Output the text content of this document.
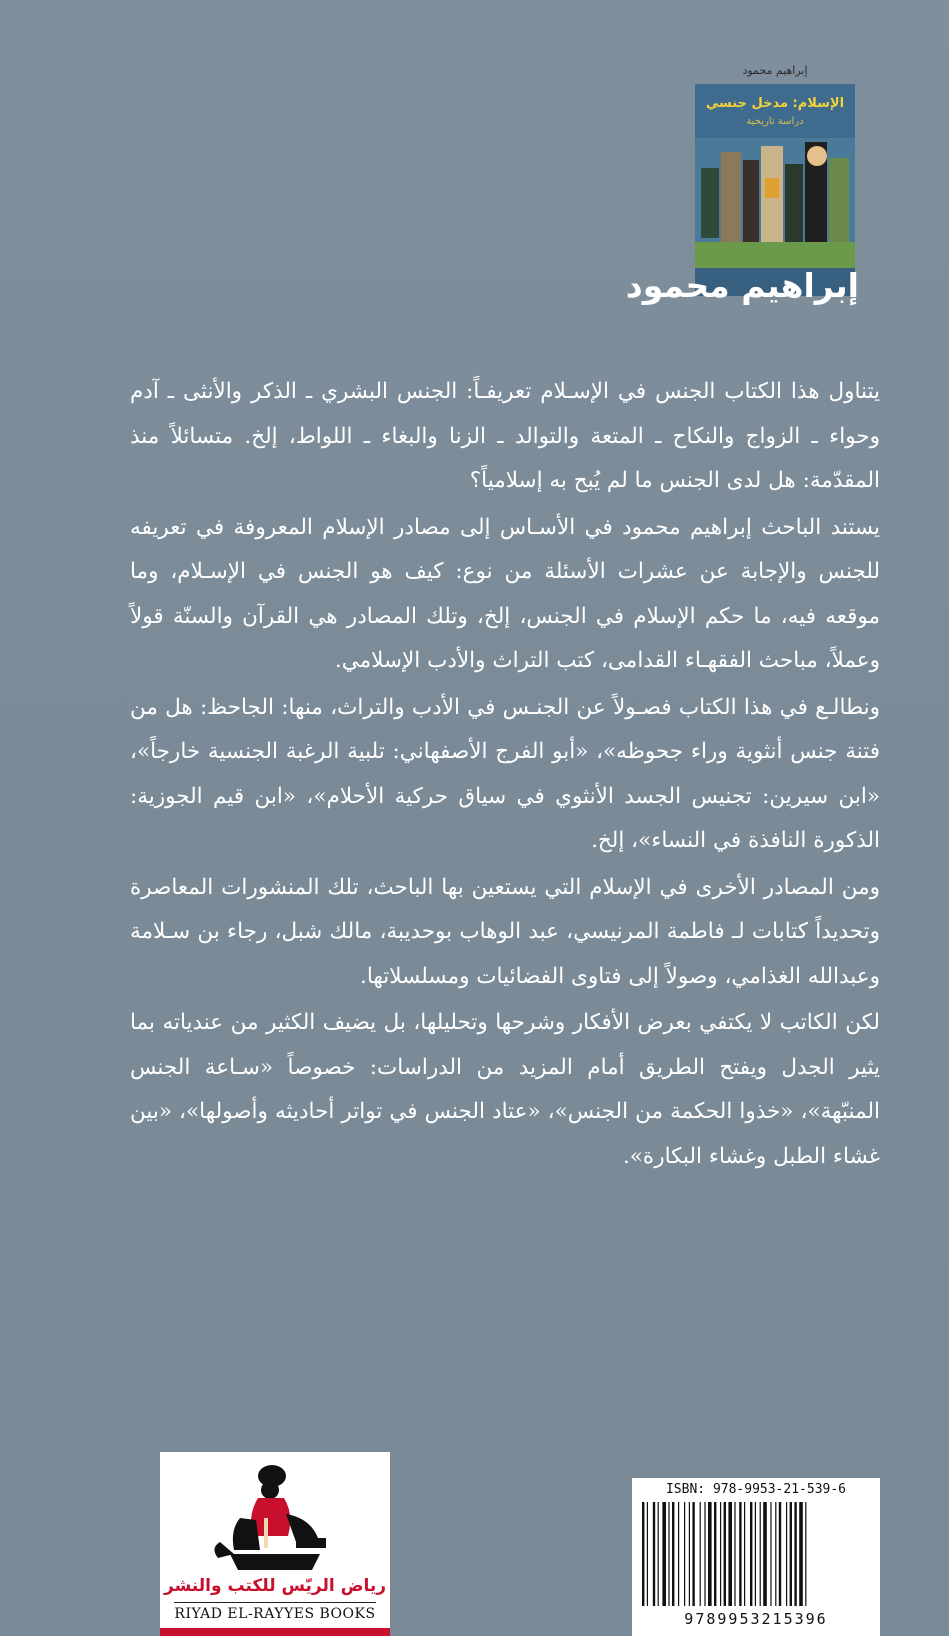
إبراهيم محمود
الإسلام: مدخل جنسي
دراسة تاريخية
إبراهيم محمود

يتناول هذا الكتاب الجنس في الإسـلام تعريفـاً: الجنس البشري ـ الذكر والأنثى ـ آدم وحواء ـ الزواج والنكاح ـ المتعة والتوالد ـ الزنا والبغاء ـ اللواط، إلخ. متسائلاً منذ المقدّمة: هل لدى الجنس ما لم يُبح به إسلامياً؟

يستند الباحث إبراهيم محمود في الأسـاس إلى مصادر الإسلام المعروفة في تعريفه للجنس والإجابة عن عشرات الأسئلة من نوع: كيف هو الجنس في الإسـلام، وما موقعه فيه، ما حكم الإسلام في الجنس، إلخ، وتلك المصادر هي القرآن والسنّة قولاً وعملاً، مباحث الفقهـاء القدامى، كتب التراث والأدب الإسلامي.

ونطالـع في هذا الكتاب فصـولاً عن الجنـس في الأدب والتراث، منها: الجاحظ: هل من فتنة جنس أنثوية وراء جحوظه»، «أبو الفرج الأصفهاني: تلبية الرغبة الجنسية خارجاً»، «ابن سيرين: تجنيس الجسد الأنثوي في سياق حركية الأحلام»، «ابن قيم الجوزية: الذكورة النافذة في النساء»، إلخ.

ومن المصادر الأخرى في الإسلام التي يستعين بها الباحث، تلك المنشورات المعاصرة وتحديداً كتابات لـ فاطمة المرنيسي، عبد الوهاب بوحديبة، مالك شبل، رجاء بن سـلامة وعبدالله الغذامي، وصولاً إلى فتاوى الفضائيات ومسلسلاتها.

لكن الكاتب لا يكتفي بعرض الأفكار وشرحها وتحليلها، بل يضيف الكثير من عندياته بما يثير الجدل ويفتح الطريق أمام المزيد من الدراسات: خصوصاً «سـاعة الجنس المنبّهة»، «خذوا الحكمة من الجنس»، «عتاد الجنس في تواتر أحاديثه وأصولها»، «بين غشاء الطبل وغشاء البكارة».

رياض الريّس للكتب والنشر
RIYAD EL-RAYYES BOOKS
ISBN: 978-9953-21-539-6
9789953215396
